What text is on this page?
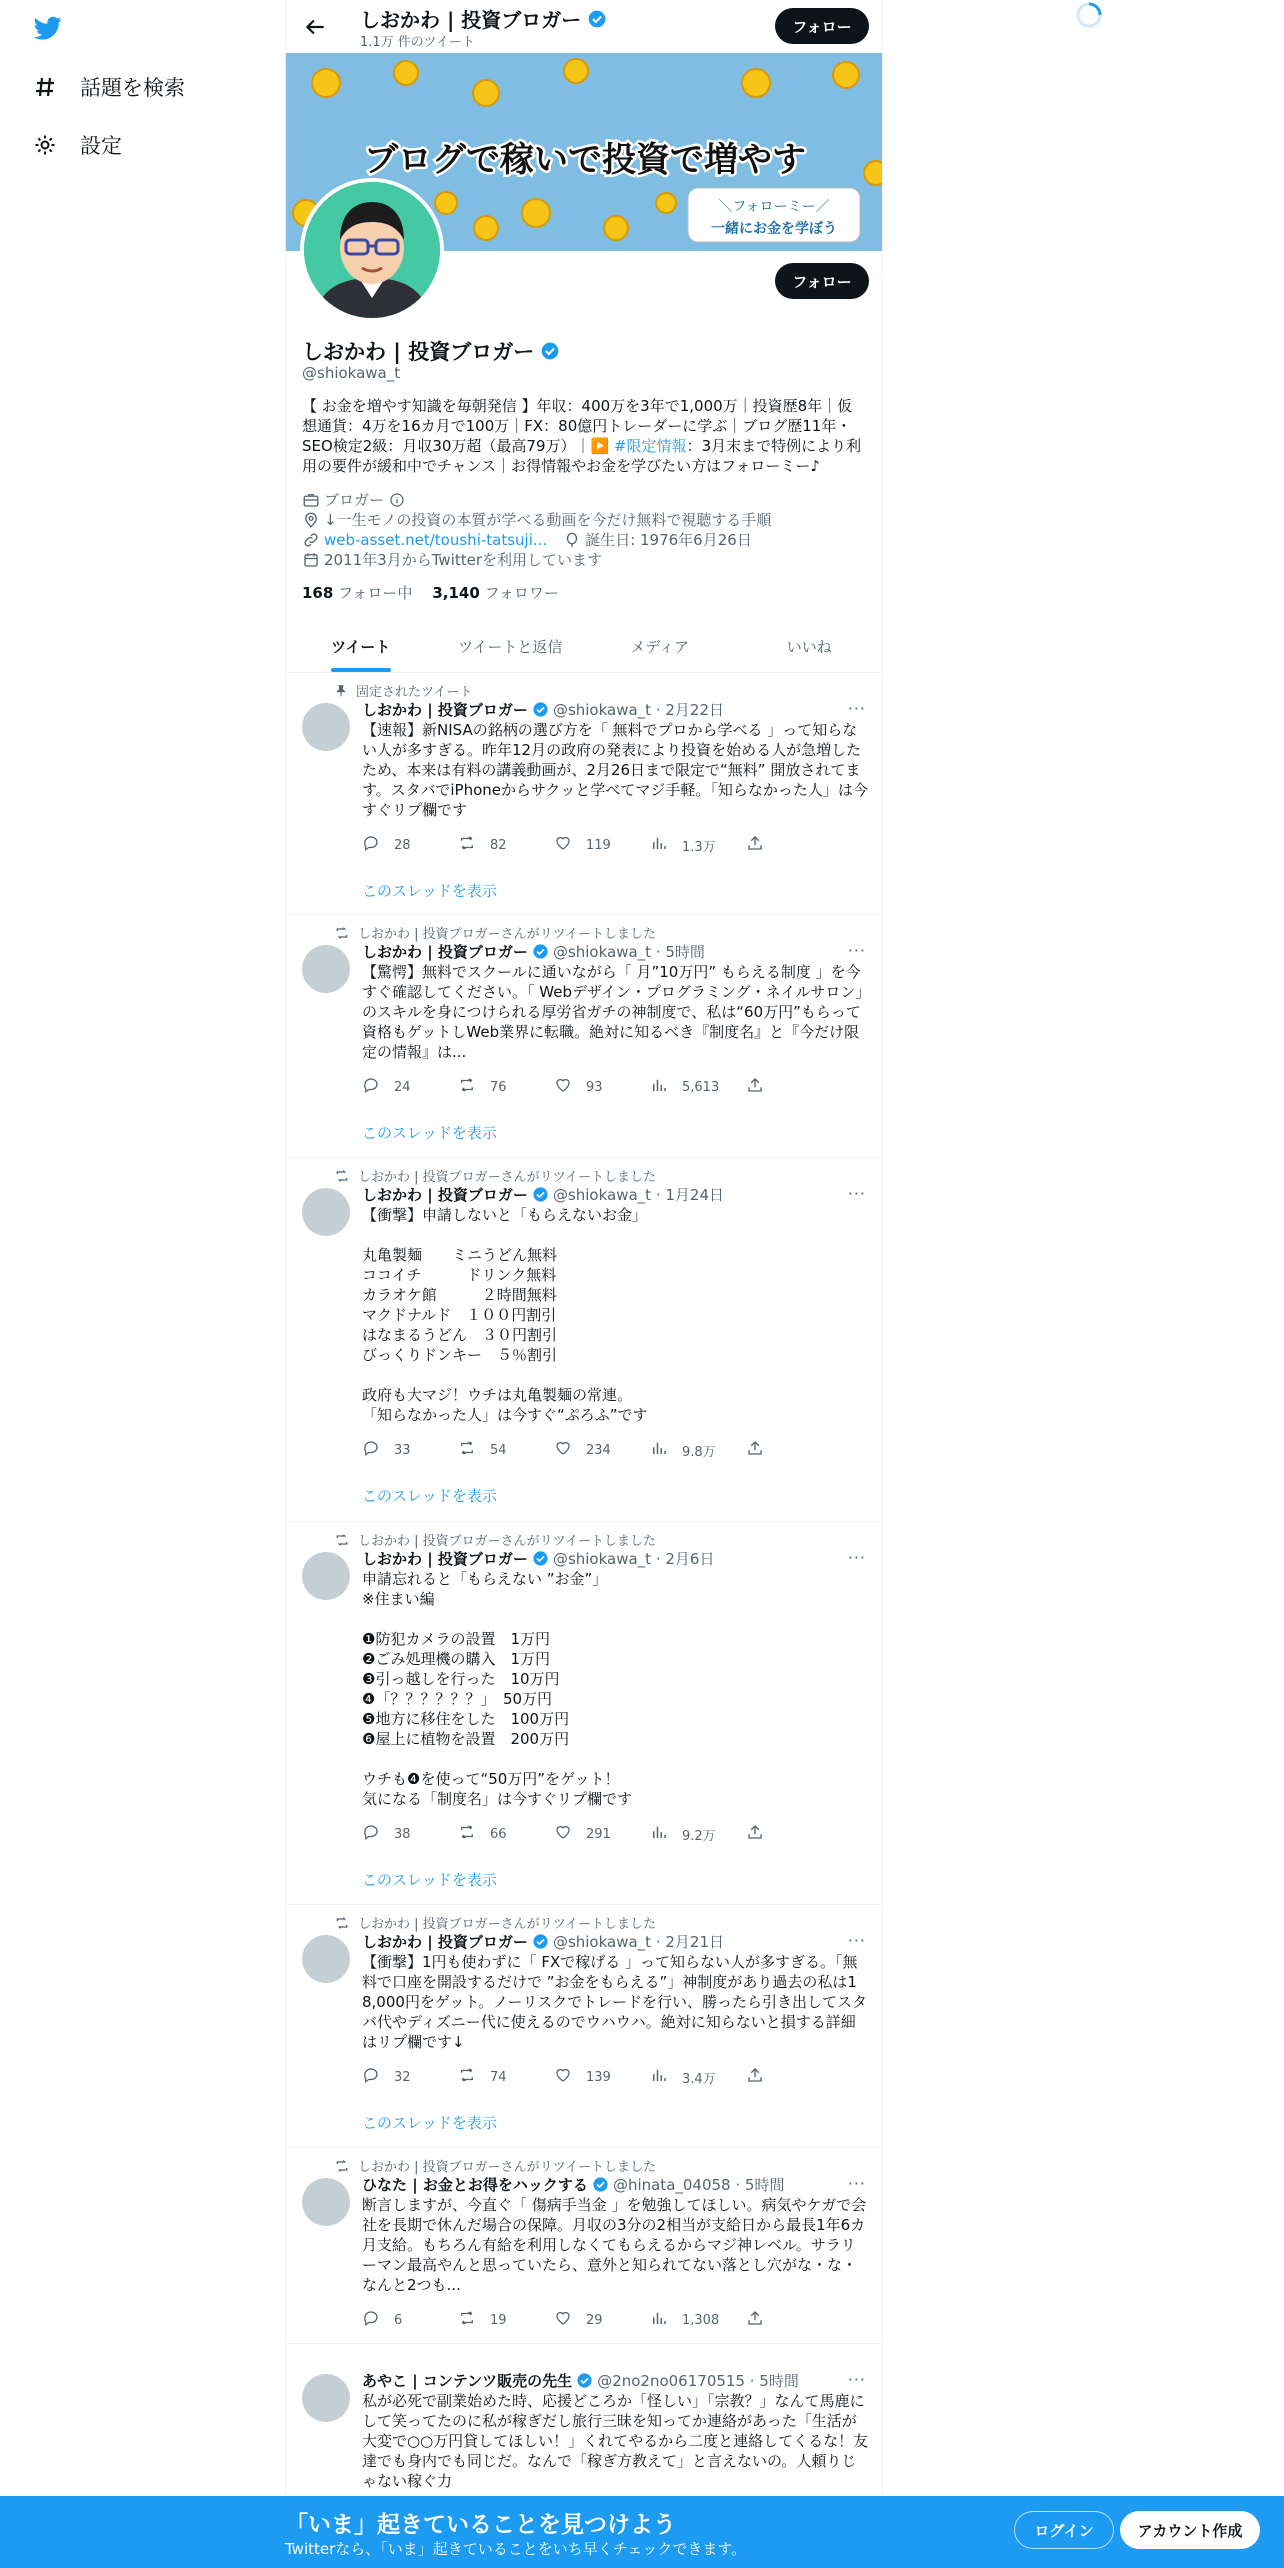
話題を検索
設定
しおかわ | 投資ブロガー
1.1万 件のツイート
フォロー
ブログで稼いで投資で増やす
＼フォローミー／
一緒にお金を学ぼう
フォロー
しおかわ | 投資ブロガー
@shiokawa_t
【 お金を増やす知識を毎朝発信 】年収：400万を3年で1,000万｜投資歴8年｜仮想通貨：4万を16カ月で100万｜FX：80億円トレーダーに学ぶ｜ブログ歴11年・SEO検定2級：月収30万超（最高79万）｜▶️ #限定情報：3月末まで特例により利用の要件が緩和中でチャンス｜お得情報やお金を学びたい方はフォローミー♪
ブロガー
↓一生モノの投資の本質が学べる動画を今だけ無料で視聴する手順
web-asset.net/toushi-tatsuji...	誕生日: 1976年6月26日
2011年3月からTwitterを利用しています
168 フォロー中 3,140 フォロワー
ツイート	ツイートと返信	メディア	いいね
固定されたツイート
しおかわ | 投資ブロガー @shiokawa_t · 2月22日	···
【速報】新NISAの銘柄の選び方を「 無料でプロから学べる 」って知らない人が多すぎる。昨年12月の政府の発表により投資を始める人が急増したため、本来は有料の講義動画が、2月26日まで限定で“無料” 開放されてます。スタバでiPhoneからサクッと学べてマジ手軽。「知らなかった人」は今すぐリプ欄です
28	82	119	1.3万
このスレッドを表示
しおかわ | 投資ブロガーさんがリツイートしました
しおかわ | 投資ブロガー @shiokawa_t · 5時間	···
【驚愕】無料でスクールに通いながら「 月”10万円” もらえる制度 」を今すぐ確認してください。「 Webデザイン・プログラミング・ネイルサロン」のスキルを身につけられる厚労省ガチの神制度で、私は“60万円”もらって資格もゲットしWeb業界に転職。絶対に知るべき『制度名』と『今だけ限定の情報』は...
24	76	93	5,613
このスレッドを表示
しおかわ | 投資ブロガーさんがリツイートしました
しおかわ | 投資ブロガー @shiokawa_t · 1月24日	···
【衝撃】申請しないと「もらえないお金」

丸亀製麺　　ミニうどん無料
ココイチ　　　ドリンク無料
カラオケ館　　　２時間無料
マクドナルド　１００円割引
はなまるうどん　３０円割引
びっくりドンキー　５％割引

政府も大マジ！ウチは丸亀製麺の常連。
「知らなかった人」は今すぐ“ぷろふ”です
33	54	234	9.8万
このスレッドを表示
しおかわ | 投資ブロガーさんがリツイートしました
しおかわ | 投資ブロガー @shiokawa_t · 2月6日	···
申請忘れると「もらえない ”お金”」
※住まい編

❶防犯カメラの設置　1万円
❷ごみ処理機の購入　1万円
❸引っ越しを行った　10万円
❹「？？？？？？」　50万円
❺地方に移住をした　100万円
❻屋上に植物を設置　200万円

ウチも❹を使って“50万円”をゲット！
気になる「制度名」は今すぐリプ欄です
38	66	291	9.2万
このスレッドを表示
しおかわ | 投資ブロガーさんがリツイートしました
しおかわ | 投資ブロガー @shiokawa_t · 2月21日	···
【衝撃】1円も使わずに「 FXで稼げる 」って知らない人が多すぎる。「無料で口座を開設するだけで ”お金をもらえる”」神制度があり過去の私は18,000円をゲット。ノーリスクでトレードを行い、勝ったら引き出してスタバ代やディズニー代に使えるのでウハウハ。絶対に知らないと損する詳細はリプ欄です↓
32	74	139	3.4万
このスレッドを表示
しおかわ | 投資ブロガーさんがリツイートしました
ひなた | お金とお得をハックする @hinata_04058 · 5時間	···
断言しますが、今直ぐ「 傷病手当金 」を勉強してほしい。病気やケガで会社を長期で休んだ場合の保障。月収の3分の2相当が支給日から最長1年6カ月支給。もちろん有給を利用しなくてもらえるからマジ神レベル。サラリーマン最高やんと思っていたら、意外と知られてない落とし穴がな・な・なんと2つも...
6	19	29	1,308
あやこ | コンテンツ販売の先生 @2no2no06170515 · 5時間	···
私が必死で副業始めた時、応援どころか「怪しい」「宗教？」なんて馬鹿にして笑ってたのに私が稼ぎだし旅行三昧を知ってか連絡があった「生活が大変で○○万円貸してほしい！」くれてやるから二度と連絡してくるな！友達でも身内でも同じだ。なんで「稼ぎ方教えて」と言えないの。人頼りじゃない稼ぐ力
「いま」起きていることを見つけよう
Twitterなら、「いま」起きていることをいち早くチェックできます。
ログイン	アカウント作成
